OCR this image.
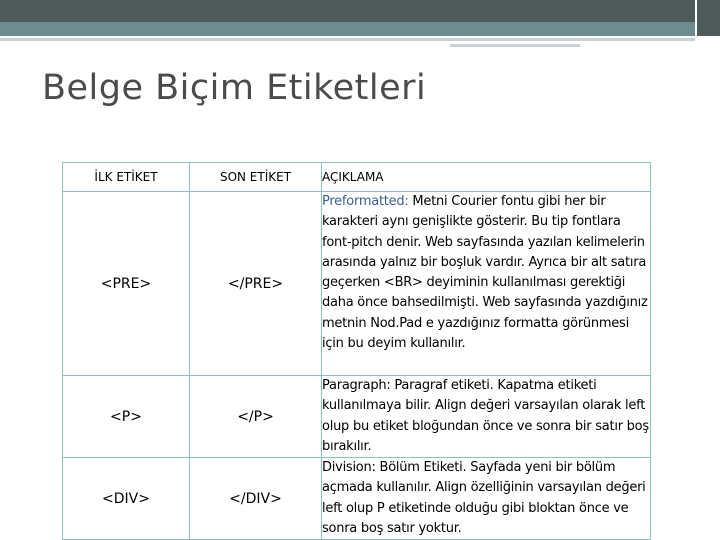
Belge Biçim Etiketleri
İLK ETİKET	SON ETİKET	AÇIKLAMA
<PRE>	</PRE>	Preformatted: Metni Courier fontu gibi her bir karakteri aynı genişlikte gösterir. Bu tip fontlara font-pitch denir. Web sayfasında yazılan kelimelerin arasında yalnız bir boşluk vardır. Ayrıca bir alt satıra geçerken <BR> deyiminin kullanılması gerektiği daha önce bahsedilmişti. Web sayfasında yazdığınız metnin Nod.Pad e yazdığınız formatta görünmesi için bu deyim kullanılır.
<P>	</P>	Paragraph: Paragraf etiketi. Kapatma etiketi kullanılmaya bilir. Align değeri varsayılan olarak left olup bu etiket bloğundan önce ve sonra bir satır boş bırakılır.
<DIV>	</DIV>	Division: Bölüm Etiketi. Sayfada yeni bir bölüm açmada kullanılır. Align özelliğinin varsayılan değeri left olup P etiketinde olduğu gibi bloktan önce ve sonra boş satır yoktur.
